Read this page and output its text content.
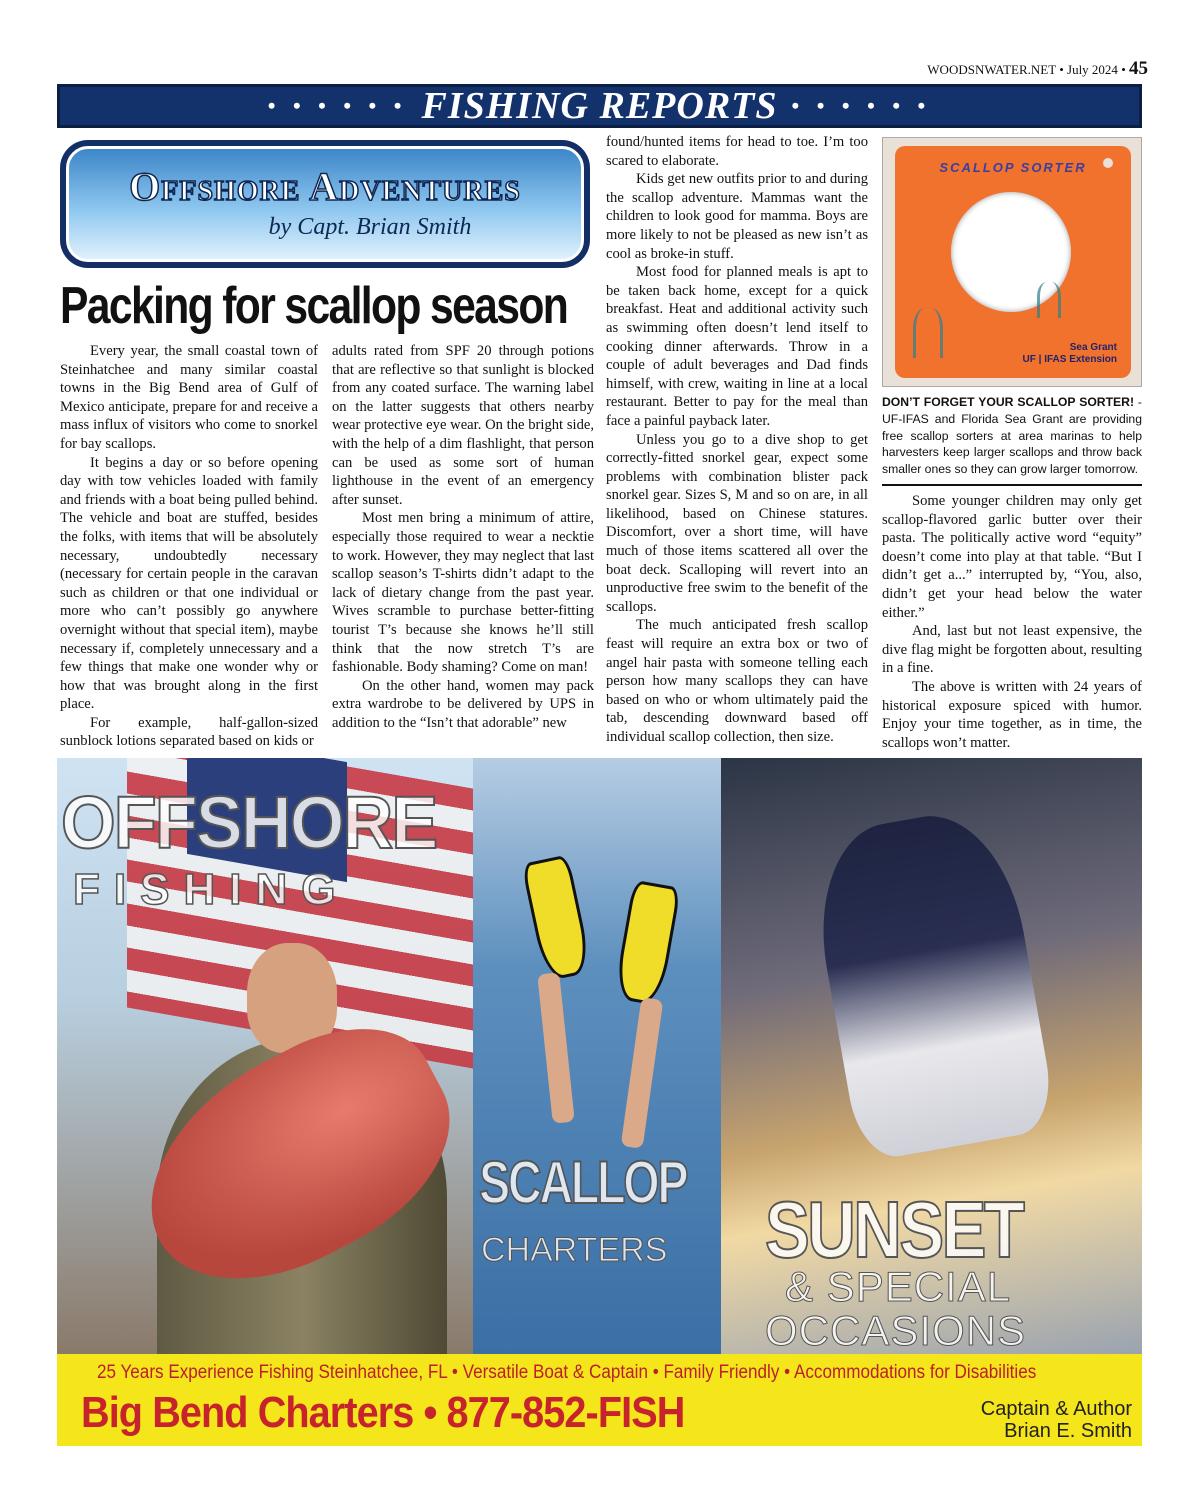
WOODSNWATER.NET • July 2024 • 45
• • • • • • FISHING REPORTS • • • • • •
Offshore Adventures
by Capt. Brian Smith
Packing for scallop season

Every year, the small coastal town of Steinhatchee and many similar coastal towns in the Big Bend area of Gulf of Mexico anticipate, prepare for and receive a mass influx of visitors who come to snorkel for bay scallops.

It begins a day or so before opening day with tow vehicles loaded with family and friends with a boat being pulled behind. The vehicle and boat are stuffed, besides the folks, with items that will be absolutely necessary, undoubtedly necessary (necessary for certain people in the caravan such as children or that one individual or more who can’t possibly go anywhere overnight without that special item), maybe necessary if, completely unnecessary and a few things that make one wonder why or how that was brought along in the first place.

For example, half-gallon-sized sunblock lotions separated based on kids or

adults rated from SPF 20 through potions that are reflective so that sunlight is blocked from any coated surface. The warning label on the latter suggests that others nearby wear protective eye wear. On the bright side, with the help of a dim flashlight, that person can be used as some sort of human lighthouse in the event of an emergency after sunset.

Most men bring a minimum of attire, especially those required to wear a necktie to work. However, they may neglect that last scallop season’s T-shirts didn’t adapt to the lack of dietary change from the past year. Wives scramble to purchase better-fitting tourist T’s because she knows he’ll still think that the now stretch T’s are fashionable. Body shaming? Come on man!

On the other hand, women may pack extra wardrobe to be delivered by UPS in addition to the “Isn’t that adorable” new

found/hunted items for head to toe. I’m too scared to elaborate.

Kids get new outfits prior to and during the scallop adventure. Mammas want the children to look good for mamma. Boys are more likely to not be pleased as new isn’t as cool as broke-in stuff.

Most food for planned meals is apt to be taken back home, except for a quick breakfast. Heat and additional activity such as swimming often doesn’t lend itself to cooking dinner afterwards. Throw in a couple of adult beverages and Dad finds himself, with crew, waiting in line at a local restaurant. Better to pay for the meal than face a painful payback later.

Unless you go to a dive shop to get correctly-fitted snorkel gear, expect some problems with combination blister pack snorkel gear. Sizes S, M and so on are, in all likelihood, based on Chinese statures. Discomfort, over a short time, will have much of those items scattered all over the boat deck. Scalloping will revert into an unproductive free swim to the benefit of the scallops.

The much anticipated fresh scallop feast will require an extra box or two of angel hair pasta with someone telling each person how many scallops they can have based on who or whom ultimately paid the tab, descending downward based off individual scallop collection, then size.

SCALLOP SORTER
Sea Grant
UF | IFAS Extension
DON’T FORGET YOUR SCALLOP SORTER! - UF-IFAS and Florida Sea Grant are providing free scallop sorters at area marinas to help harvesters keep larger scallops and throw back smaller ones so they can grow larger tomorrow.

Some younger children may only get scallop-flavored garlic butter over their pasta. The politically active word “equity” doesn’t come into play at that table. “But I didn’t get a...” interrupted by, “You, also, didn’t get your head below the water either.”

And, last but not least expensive, the dive flag might be forgotten about, resulting in a fine.

The above is written with 24 years of historical exposure spiced with humor. Enjoy your time together, as in time, the scallops won’t matter.

OFFSHORE
FISHING
SCALLOP
CHARTERS SUNSET
& SPECIAL
OCCASIONS
25 Years Experience Fishing Steinhatchee, FL • Versatile Boat & Captain • Family Friendly • Accommodations for Disabilities
Big Bend Charters • 877-852-FISH	Captain & Author
Brian E. Smith
